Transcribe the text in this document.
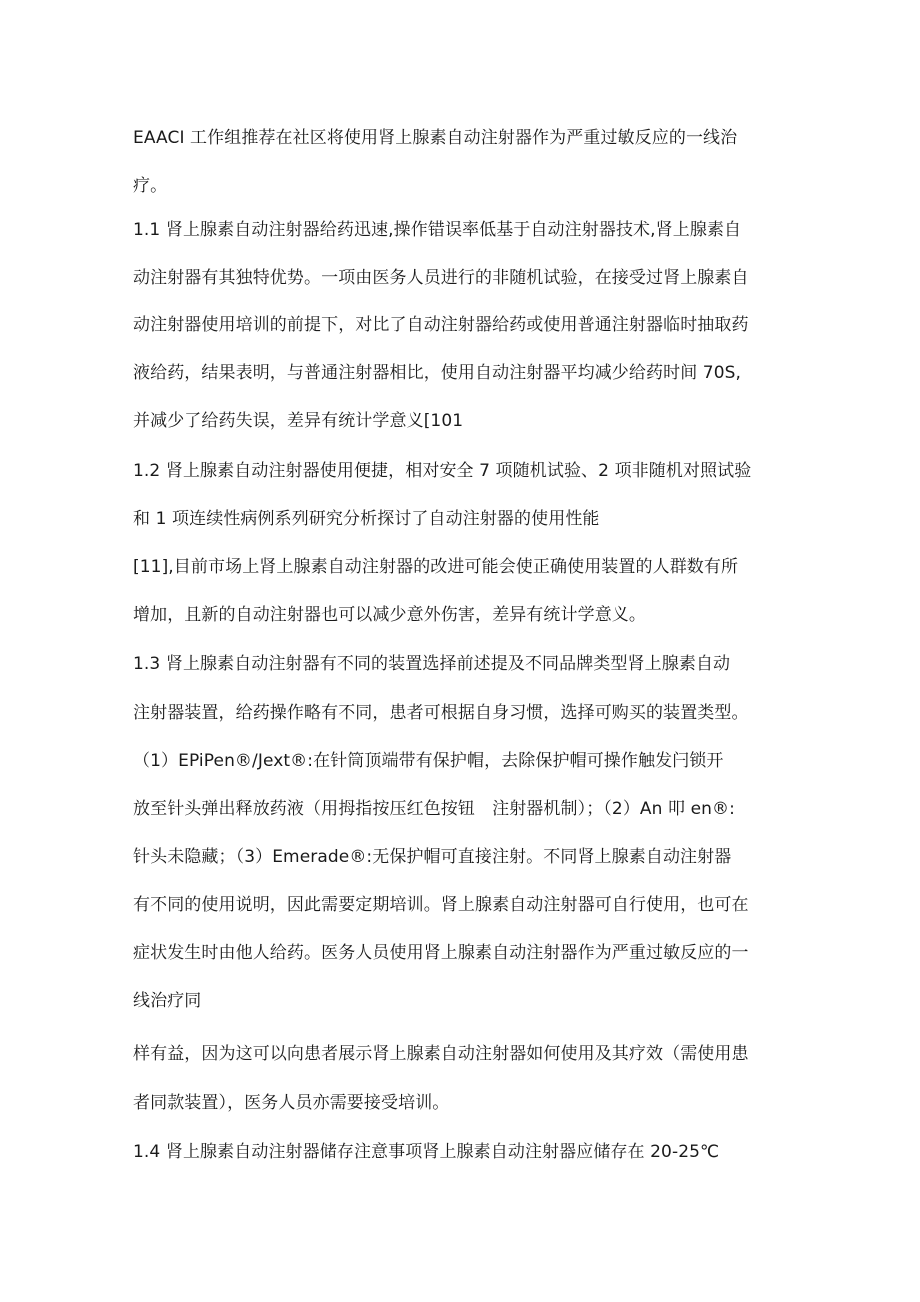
EAACI 工作组推荐在社区将使用肾上腺素自动注射器作为严重过敏反应的一线治
疗。
1.1 肾上腺素自动注射器给药迅速,操作错误率低基于自动注射器技术,肾上腺素自
动注射器有其独特优势。一项由医务人员进行的非随机试验，在接受过肾上腺素自
动注射器使用培训的前提下，对比了自动注射器给药或使用普通注射器临时抽取药
液给药，结果表明，与普通注射器相比，使用自动注射器平均减少给药时间 70S,
并减少了给药失误，差异有统计学意义[101
1.2 肾上腺素自动注射器使用便捷，相对安全 7 项随机试验、2 项非随机对照试验
和 1 项连续性病例系列研究分析探讨了自动注射器的使用性能
[11],目前市场上肾上腺素自动注射器的改进可能会使正确使用装置的人群数有所
增加，且新的自动注射器也可以减少意外伤害，差异有统计学意义。
1.3 肾上腺素自动注射器有不同的装置选择前述提及不同品牌类型肾上腺素自动
注射器装置，给药操作略有不同，患者可根据自身习惯，选择可购买的装置类型。
（1）EPiPen®/Jext®:在针筒顶端带有保护帽，去除保护帽可操作触发闩锁开
放至针头弹出释放药液（用拇指按压红色按钮　注射器机制）；（2）An 叩 en®:
针头未隐藏；（3）Emerade®:无保护帽可直接注射。不同肾上腺素自动注射器
有不同的使用说明，因此需要定期培训。肾上腺素自动注射器可自行使用，也可在
症状发生时由他人给药。医务人员使用肾上腺素自动注射器作为严重过敏反应的一
线治疗同
样有益，因为这可以向患者展示肾上腺素自动注射器如何使用及其疗效（需使用患
者同款装置），医务人员亦需要接受培训。
1.4 肾上腺素自动注射器储存注意事项肾上腺素自动注射器应储存在 20-25℃
